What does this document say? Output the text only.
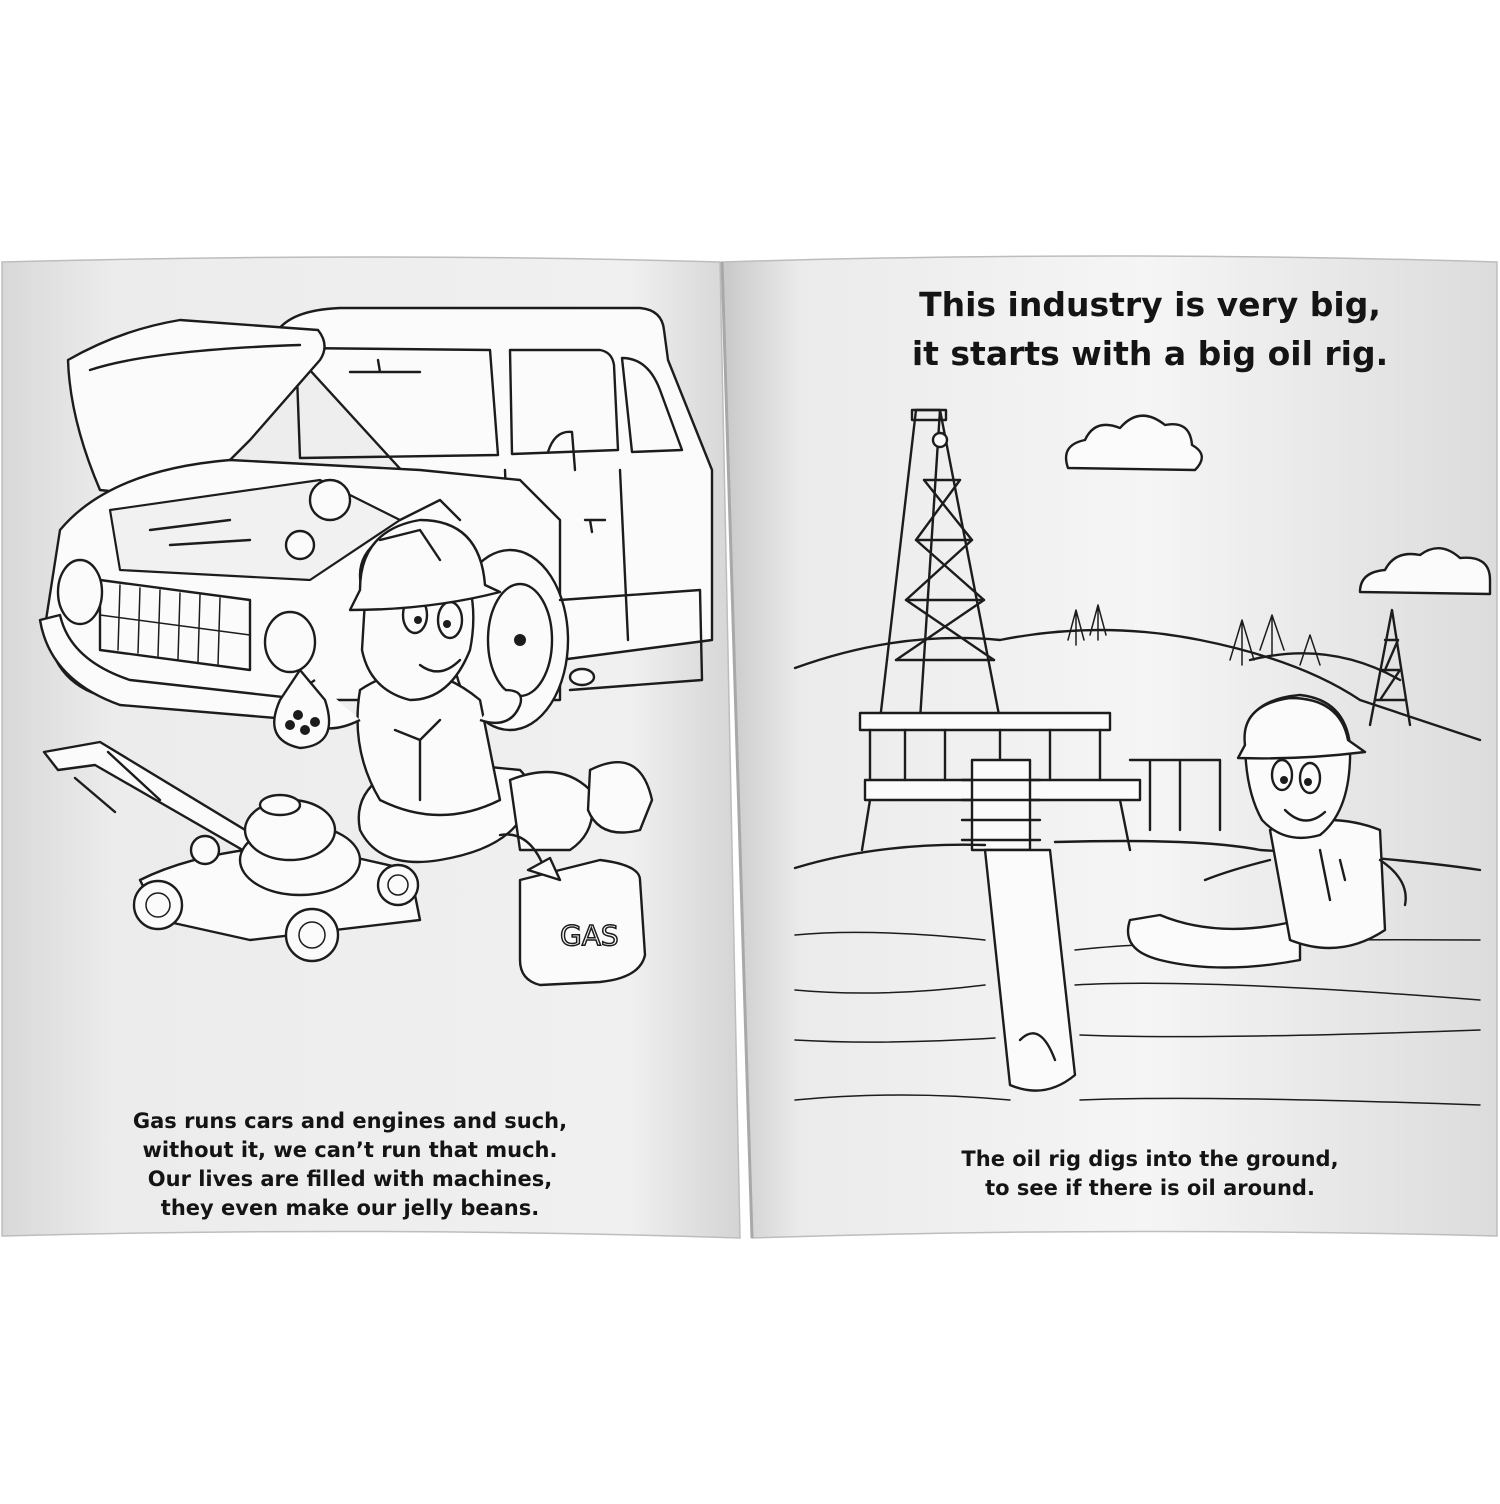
GAS
Gas runs cars and engines and such,
without it, we can’t run that much.
Our lives are filled with machines,
they even make our jelly beans.
This industry is very big,
it starts with a big oil rig.
The oil rig digs into the ground,
to see if there is oil around.
